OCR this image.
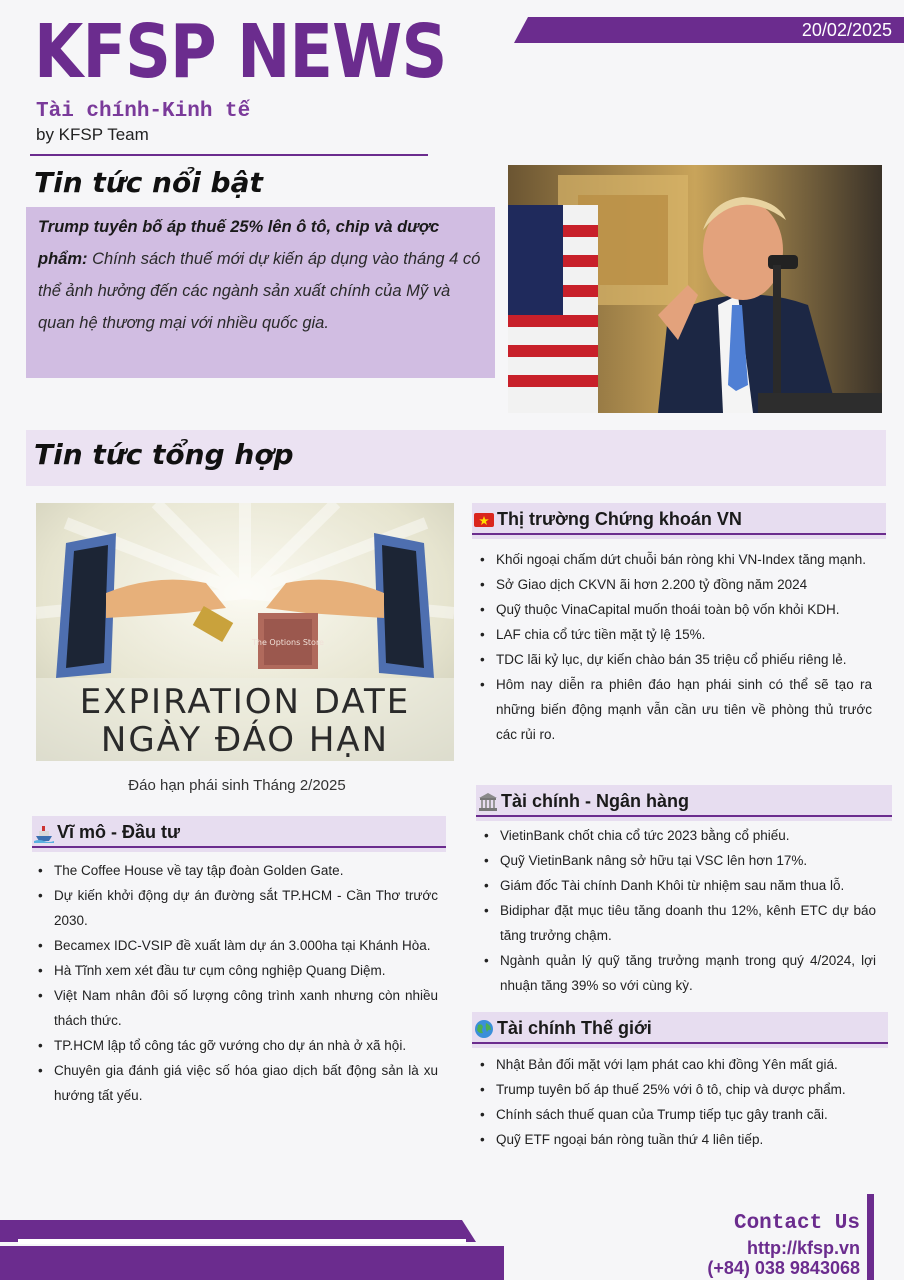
KFSP NEWS
Tài chính-Kinh tế
by KFSP Team
20/02/2025
Tin tức nổi bật
Trump tuyên bố áp thuế 25% lên ô tô, chip và dược phẩm: Chính sách thuế mới dự kiến áp dụng vào tháng 4 có thể ảnh hưởng đến các ngành sản xuất chính của Mỹ và quan hệ thương mại với nhiều quốc gia.
Tin tức tổng hợp
The Options Store
EXPIRATION DATE
NGÀY ĐÁO HẠN
Đáo hạn phái sinh Tháng 2/2025
Vĩ mô - Đầu tư
• The Coffee House về tay tập đoàn Golden Gate.
• Dự kiến khởi động dự án đường sắt TP.HCM - Cần Thơ trước 2030.
• Becamex IDC-VSIP đề xuất làm dự án 3.000ha tại Khánh Hòa.
• Hà Tĩnh xem xét đầu tư cụm công nghiệp Quang Diệm.
• Việt Nam nhân đôi số lượng công trình xanh nhưng còn nhiều thách thức.
• TP.HCM lập tổ công tác gỡ vướng cho dự án nhà ở xã hội.
• Chuyên gia đánh giá việc số hóa giao dịch bất động sản là xu hướng tất yếu.
Thị trường Chứng khoán VN
• Khối ngoại chấm dứt chuỗi bán ròng khi VN-Index tăng mạnh.
• Sở Giao dịch CKVN ãi hơn 2.200 tỷ đồng năm 2024
• Quỹ thuộc VinaCapital muốn thoái toàn bộ vốn khỏi KDH.
• LAF chia cổ tức tiền mặt tỷ lệ 15%.
• TDC lãi kỷ lục, dự kiến chào bán 35 triệu cổ phiếu riêng lẻ.
• Hôm nay diễn ra phiên đáo hạn phái sinh có thể sẽ tạo ra những biến động mạnh vẫn cần ưu tiên về phòng thủ trước các rủi ro.
Tài chính - Ngân hàng
• VietinBank chốt chia cổ tức 2023 bằng cổ phiếu.
• Quỹ VietinBank nâng sở hữu tại VSC lên hơn 17%.
• Giám đốc Tài chính Danh Khôi từ nhiệm sau năm thua lỗ.
• Bidiphar đặt mục tiêu tăng doanh thu 12%, kênh ETC dự báo tăng trưởng chậm.
• Ngành quản lý quỹ tăng trưởng mạnh trong quý 4/2024, lợi nhuận tăng 39% so với cùng kỳ.
Tài chính Thế giới
• Nhật Bản đối mặt với lạm phát cao khi đồng Yên mất giá.
• Trump tuyên bố áp thuế 25% với ô tô, chip và dược phẩm.
• Chính sách thuế quan của Trump tiếp tục gây tranh cãi.
• Quỹ ETF ngoại bán ròng tuần thứ 4 liên tiếp.
Contact Us
http://kfsp.vn
(+84) 038 9843068
